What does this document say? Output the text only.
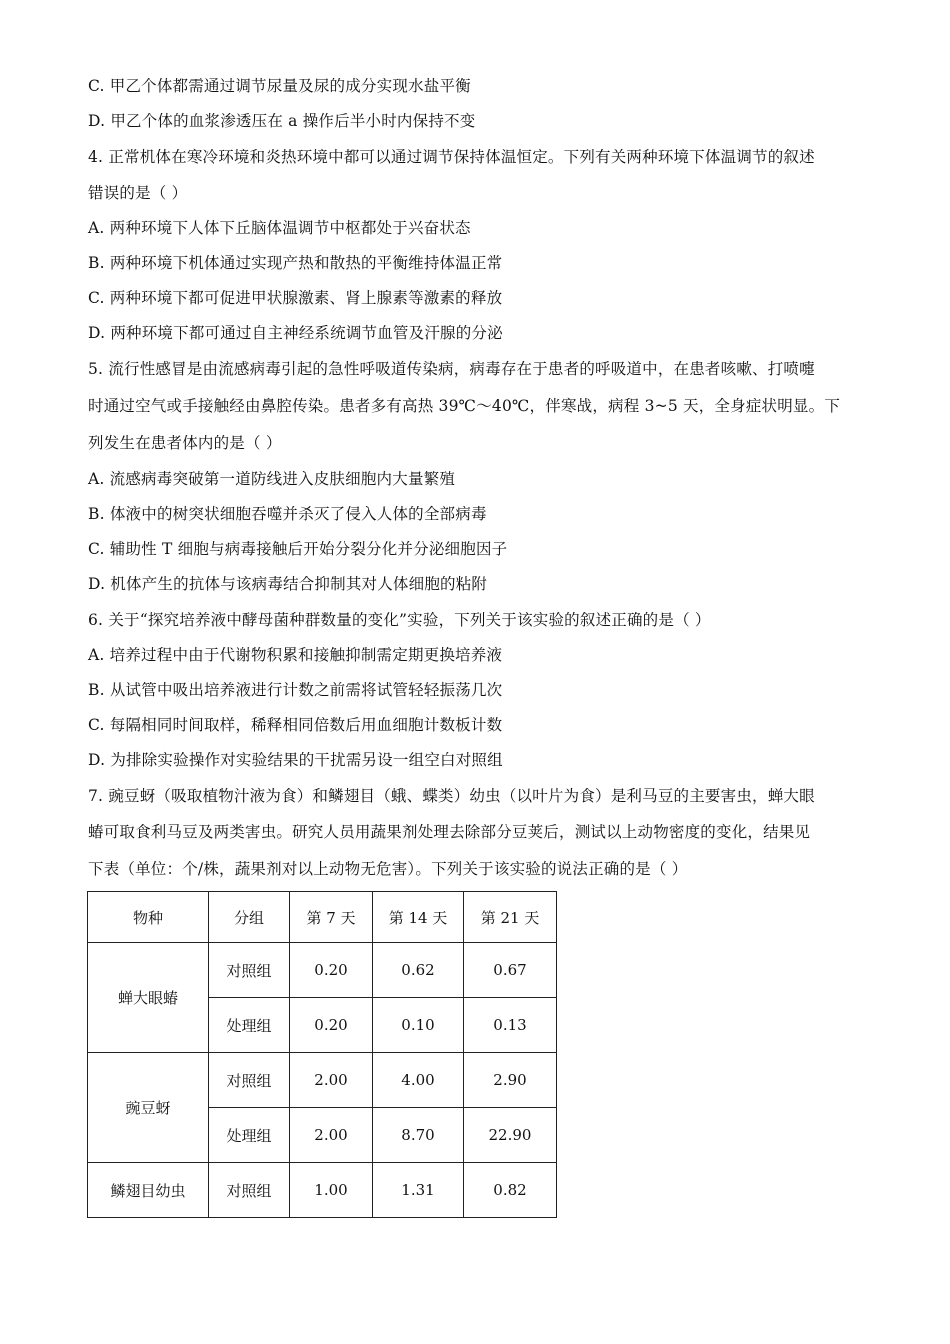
C. 甲乙个体都需通过调节尿量及尿的成分实现水盐平衡
D. 甲乙个体的血浆渗透压在 a 操作后半小时内保持不变
4. 正常机体在寒冷环境和炎热环境中都可以通过调节保持体温恒定。下列有关两种环境下体温调节的叙述
错误的是（ ）
A. 两种环境下人体下丘脑体温调节中枢都处于兴奋状态
B. 两种环境下机体通过实现产热和散热的平衡维持体温正常
C. 两种环境下都可促进甲状腺激素、肾上腺素等激素的释放
D. 两种环境下都可通过自主神经系统调节血管及汗腺的分泌
5. 流行性感冒是由流感病毒引起的急性呼吸道传染病，病毒存在于患者的呼吸道中，在患者咳嗽、打喷嚏
时通过空气或手接触经由鼻腔传染。患者多有高热 39℃～40℃，伴寒战，病程 3~5 天，全身症状明显。下
列发生在患者体内的是（ ）
A. 流感病毒突破第一道防线进入皮肤细胞内大量繁殖
B. 体液中的树突状细胞吞噬并杀灭了侵入人体的全部病毒
C. 辅助性 T 细胞与病毒接触后开始分裂分化并分泌细胞因子
D. 机体产生的抗体与该病毒结合抑制其对人体细胞的粘附
6. 关于“探究培养液中酵母菌种群数量的变化”实验，下列关于该实验的叙述正确的是（ ）
A. 培养过程中由于代谢物积累和接触抑制需定期更换培养液
B. 从试管中吸出培养液进行计数之前需将试管轻轻振荡几次
C. 每隔相同时间取样，稀释相同倍数后用血细胞计数板计数
D. 为排除实验操作对实验结果的干扰需另设一组空白对照组
7. 豌豆蚜（吸取植物汁液为食）和鳞翅目（蛾、蝶类）幼虫（以叶片为食）是利马豆的主要害虫，蝉大眼
蝽可取食利马豆及两类害虫。研究人员用蔬果剂处理去除部分豆荚后，测试以上动物密度的变化，结果见
下表（单位：个/株，蔬果剂对以上动物无危害）。下列关于该实验的说法正确的是（ ）
物种	分组	第 7 天	第 14 天	第 21 天
蝉大眼蝽	对照组	0.20	0.62	0.67
	处理组	0.20	0.10	0.13
豌豆蚜	对照组	2.00	4.00	2.90
	处理组	2.00	8.70	22.90
鳞翅目幼虫	对照组	1.00	1.31	0.82
